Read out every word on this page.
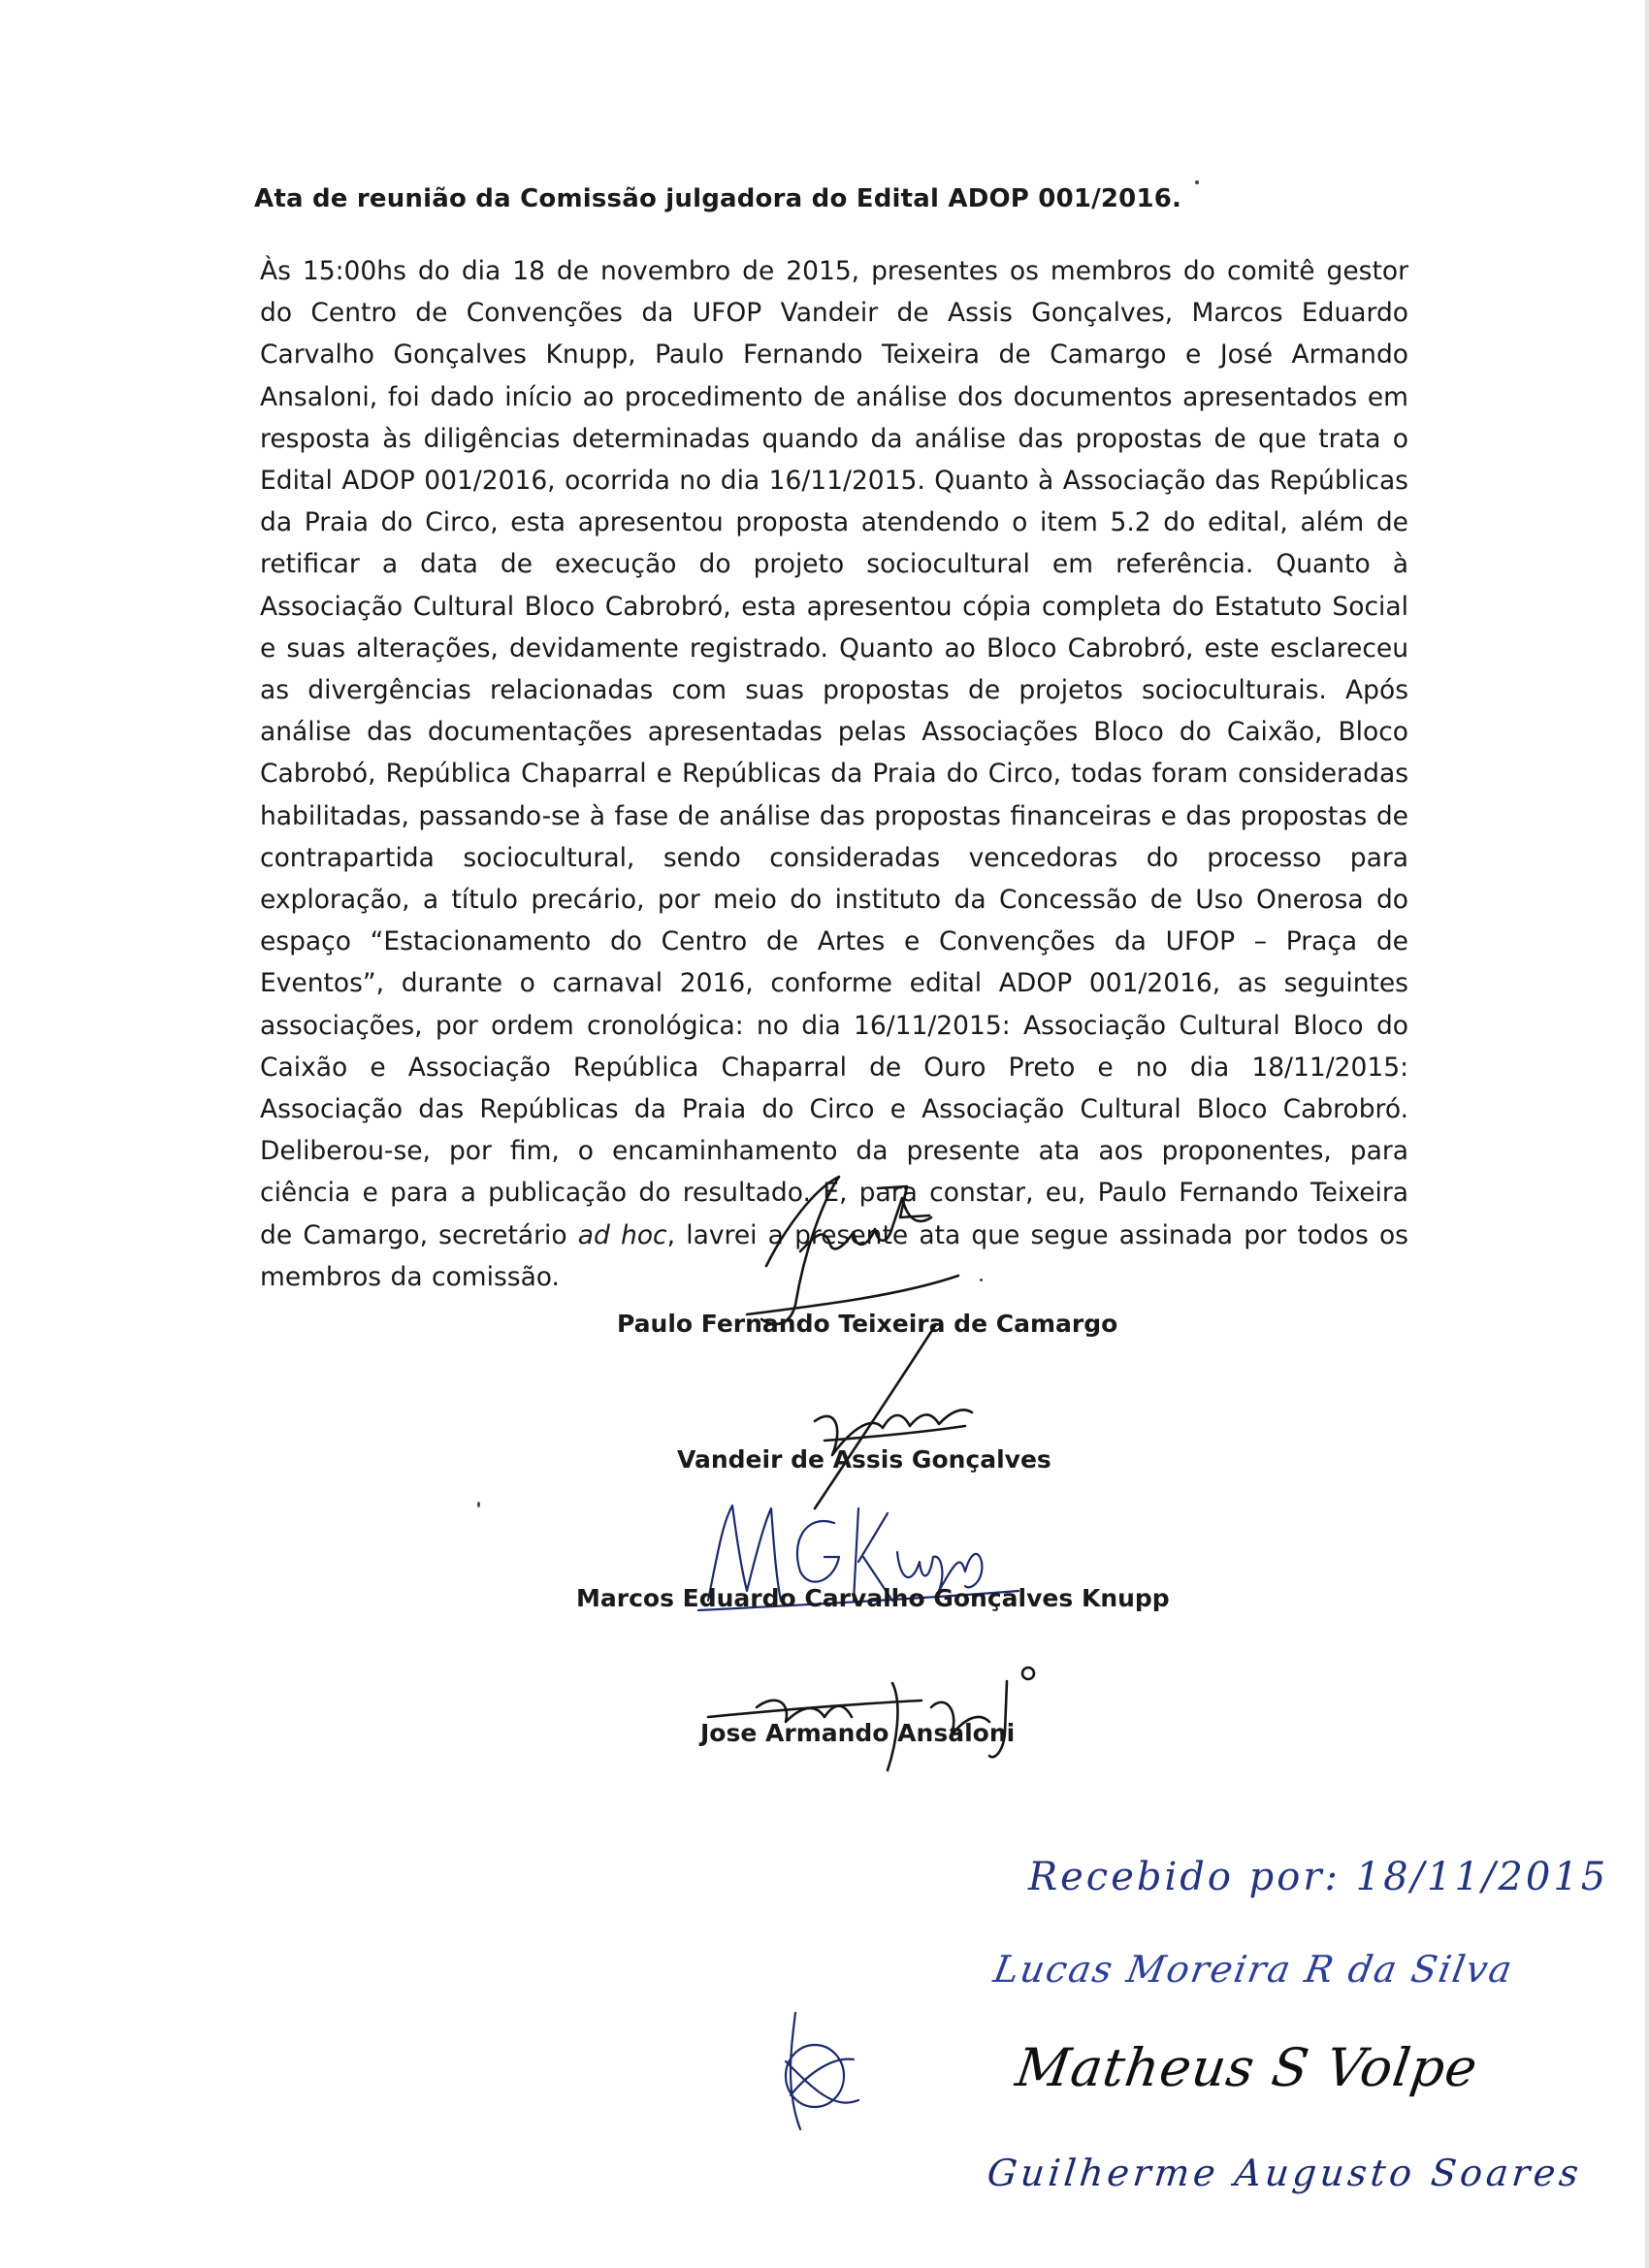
Ata de reunião da Comissão julgadora do Edital ADOP 001/2016.
Às 15:00hs do dia 18 de novembro de 2015, presentes os membros do comitê gestor do Centro de Convenções da UFOP Vandeir de Assis Gonçalves, Marcos Eduardo Carvalho Gonçalves Knupp, Paulo Fernando Teixeira de Camargo e José Armando Ansaloni, foi dado início ao procedimento de análise dos documentos apresentados em resposta às diligências determinadas quando da análise das propostas de que trata o Edital ADOP 001/2016, ocorrida no dia 16/11/2015. Quanto à Associação das Repúblicas da Praia do Circo, esta apresentou proposta atendendo o item 5.2 do edital, além de retificar a data de execução do projeto sociocultural em referência. Quanto à Associação Cultural Bloco Cabrobró, esta apresentou cópia completa do Estatuto Social e suas alterações, devidamente registrado. Quanto ao Bloco Cabrobró, este esclareceu as divergências relacionadas com suas propostas de projetos socioculturais. Após análise das documentações apresentadas pelas Associações Bloco do Caixão, Bloco Cabrobó, República Chaparral e Repúblicas da Praia do Circo, todas foram consideradas habilitadas, passando-se à fase de análise das propostas financeiras e das propostas de contrapartida sociocultural, sendo consideradas vencedoras do processo para exploração, a título precário, por meio do instituto da Concessão de Uso Onerosa do espaço “Estacionamento do Centro de Artes e Convenções da UFOP – Praça de Eventos”, durante o carnaval 2016, conforme edital ADOP 001/2016, as seguintes associações, por ordem cronológica: no dia 16/11/2015: Associação Cultural Bloco do Caixão e Associação República Chaparral de Ouro Preto e no dia 18/11/2015: Associação das Repúblicas da Praia do Circo e Associação Cultural Bloco Cabrobró. Deliberou-se, por fim, o encaminhamento da presente ata aos proponentes, para ciência e para a publicação do resultado. E, para constar, eu, Paulo Fernando Teixeira de Camargo, secretário ad hoc, lavrei a presente ata que segue assinada por todos os membros da comissão.
Paulo Fernando Teixeira de Camargo
Vandeir de Assis Gonçalves
Marcos Eduardo Carvalho Gonçalves Knupp
Jose Armando Ansaloni
Recebido por: 18/11/2015
Lucas Moreira R da Silva
Matheus S Volpe
Guilherme Augusto Soares
